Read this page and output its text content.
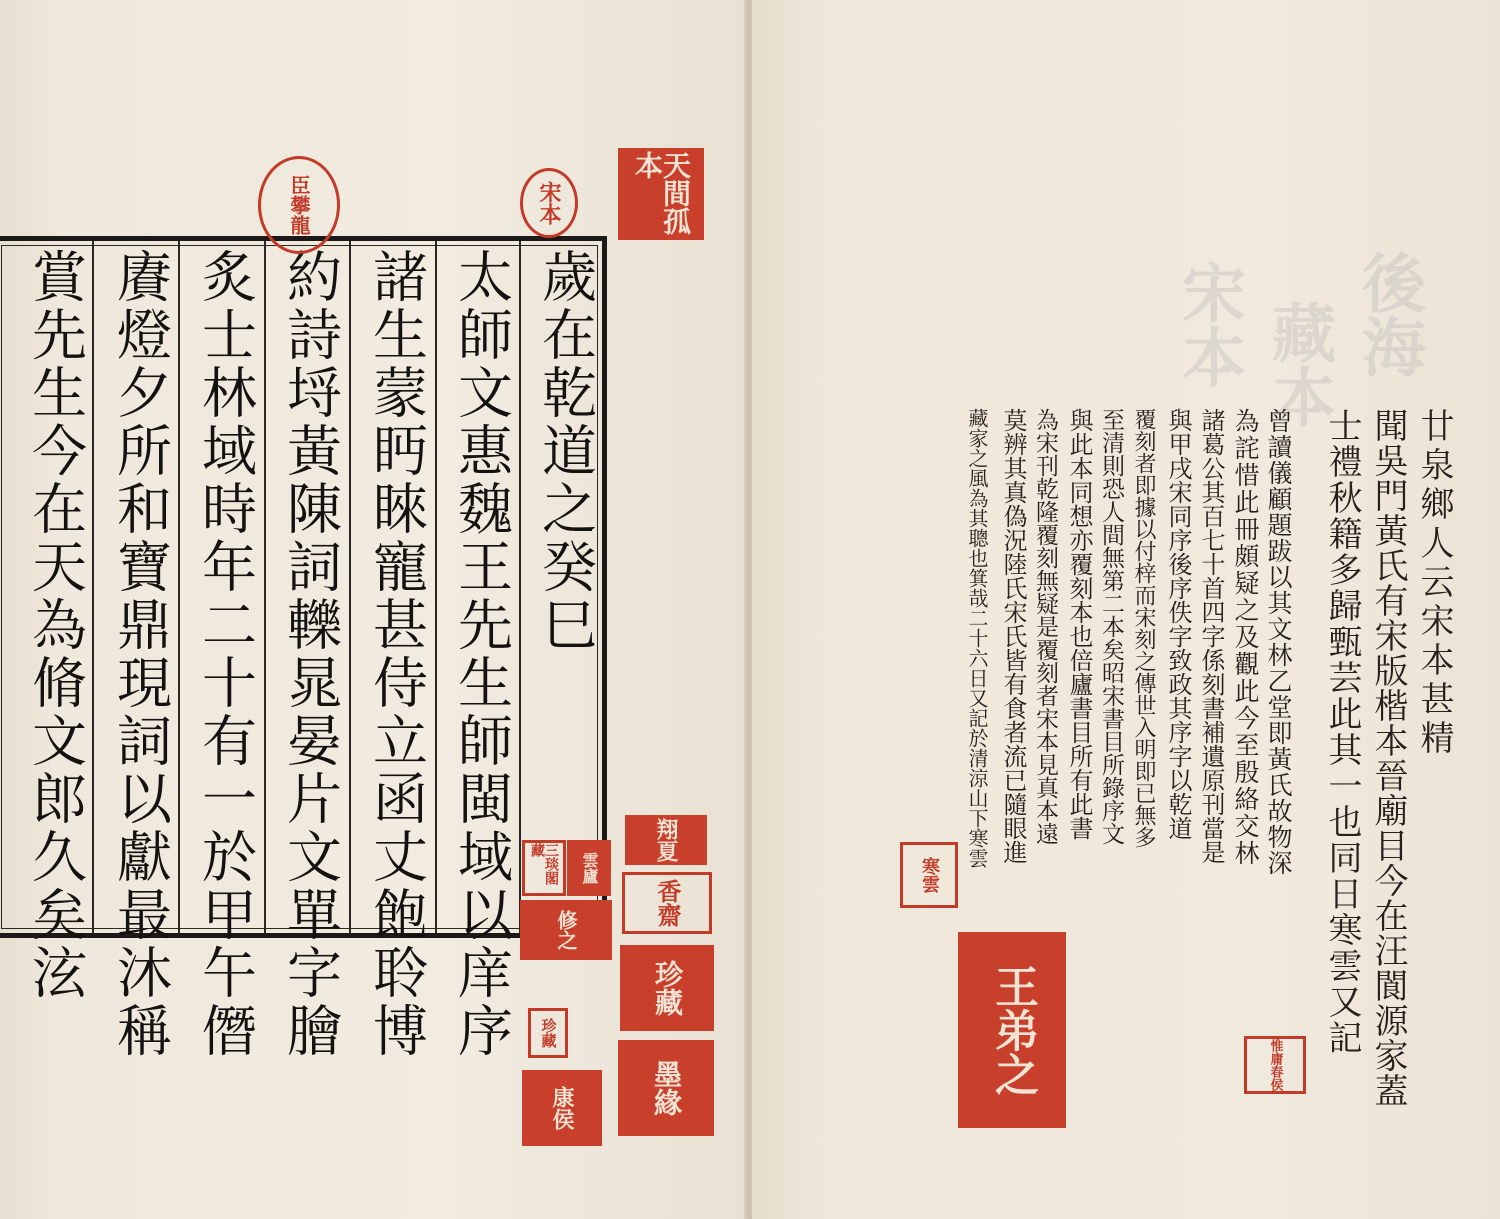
歲在乾道之癸巳
太師文惠魏王先生師閩域以庠序
諸生蒙眄睞寵甚侍立函丈飽聆博
約詩埒黃陳詞轢晁晏片文單字膾
炙士林域時年二十有一於甲午僭
賡燈夕所和寶鼎現詞以獻最沐稱
賞先生今在天為脩文郎久矣泫
臣攀龍	宋本	天間孤本
三琰閣藏
雲廬
修之
珍藏
康侯
翔夏
香齋
珍藏
墨緣
後海
藏本
宋本
廿泉鄉人云宋本甚精
聞吳門黃氏有宋版楷本晉廟目今在汪閬源家蓋
士禮秋籍多歸甄芸此其一也同日寒雲又記
曾讀儀顧題跋以其文林乙堂即黃氏故物深
為詫惜此冊頗疑之及觀此今至殷絡交林
諸葛公其百七十首四字係刻書補遺原刊當是
與甲戌宋同序後序佚字致政其序字以乾道
覆刻者即據以付梓而宋刻之傳世入明即已無多
至清則恐人間無第二本矣昭宋書目所錄序文
與此本同想亦覆刻本也倍廬書目所有此書
為宋刊乾隆覆刻無疑是覆刻者宋本見真本遠
莫辨其真偽況陸氏宋氏皆有食者流已隨眼進
藏家之風為其聰也箕哉二十六日又記於清涼山下寒雲
寒雲
王弟之	惟庸春侯
